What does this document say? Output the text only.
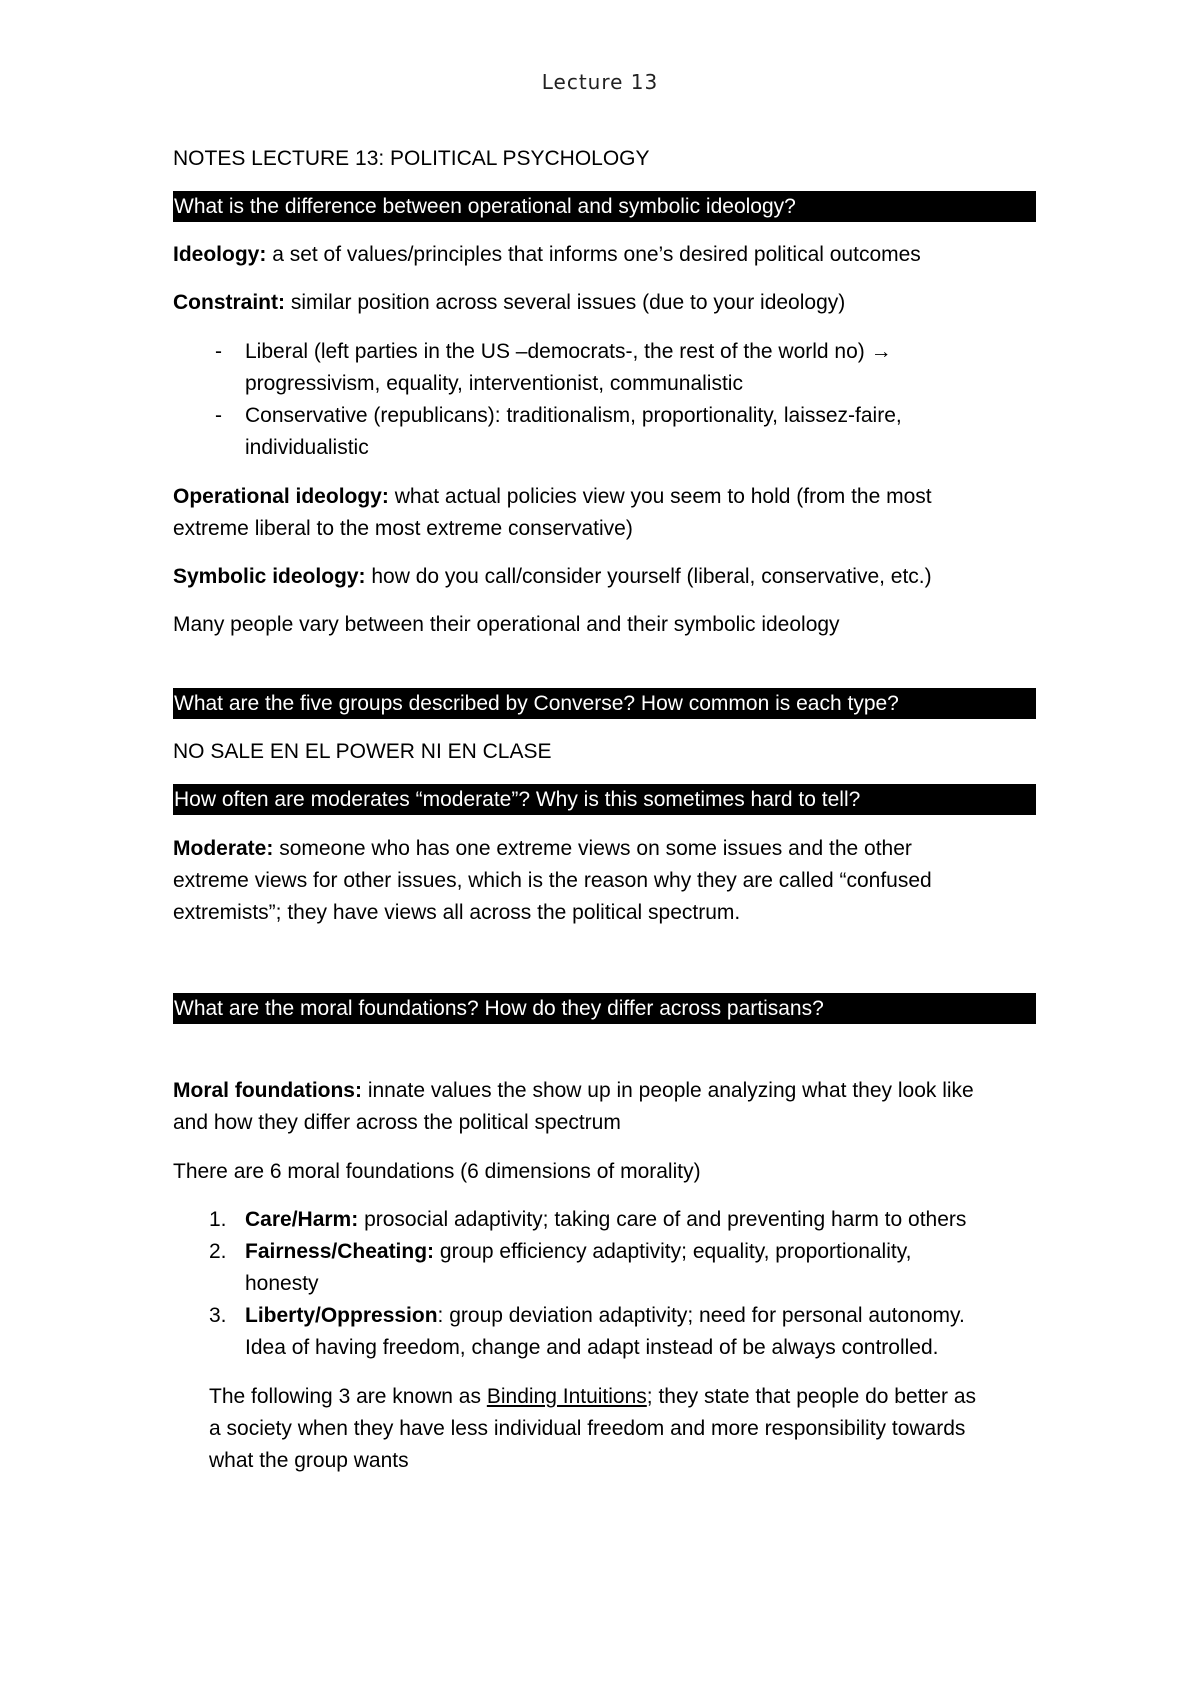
Lecture 13
NOTES LECTURE 13: POLITICAL PSYCHOLOGY
What is the difference between operational and symbolic ideology?
Ideology: a set of values/principles that informs one’s desired political outcomes
Constraint: similar position across several issues (due to your ideology)
- Liberal (left parties in the US –democrats-, the rest of the world no) →
progressivism, equality, interventionist, communalistic
- Conservative (republicans): traditionalism, proportionality, laissez-faire,
individualistic
Operational ideology: what actual policies view you seem to hold (from the most
extreme liberal to the most extreme conservative)
Symbolic ideology: how do you call/consider yourself (liberal, conservative, etc.)
Many people vary between their operational and their symbolic ideology
What are the five groups described by Converse? How common is each type?
NO SALE EN EL POWER NI EN CLASE
How often are moderates “moderate”? Why is this sometimes hard to tell?
Moderate: someone who has one extreme views on some issues and the other
extreme views for other issues, which is the reason why they are called “confused
extremists”; they have views all across the political spectrum.
What are the moral foundations? How do they differ across partisans?
Moral foundations: innate values the show up in people analyzing what they look like
and how they differ across the political spectrum
There are 6 moral foundations (6 dimensions of morality)
1. Care/Harm: prosocial adaptivity; taking care of and preventing harm to others
2. Fairness/Cheating: group efficiency adaptivity; equality, proportionality,
honesty
3. Liberty/Oppression: group deviation adaptivity; need for personal autonomy.
Idea of having freedom, change and adapt instead of be always controlled.
The following 3 are known as Binding Intuitions; they state that people do better as
a society when they have less individual freedom and more responsibility towards
what the group wants
